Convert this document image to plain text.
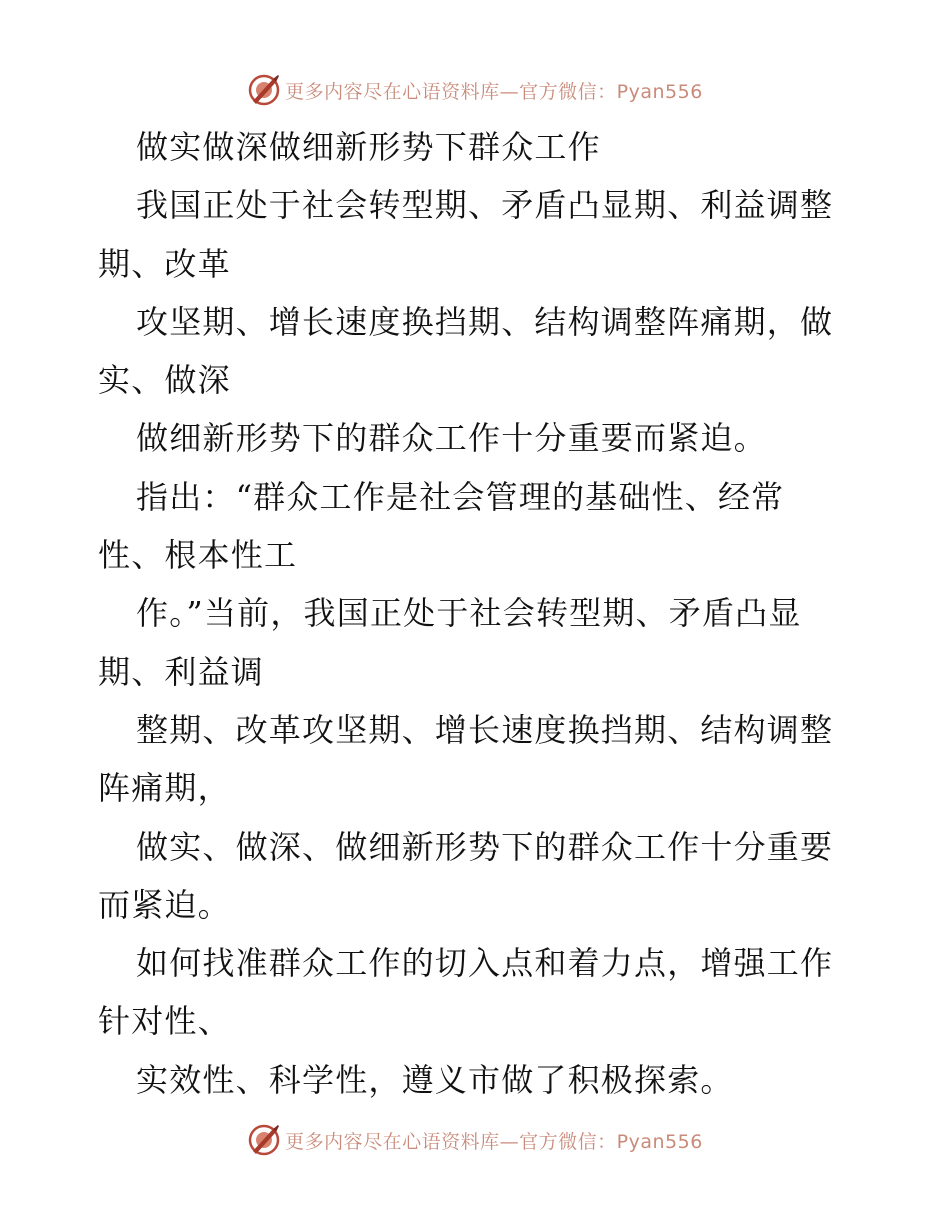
更多内容尽在心语资料库—官方微信：Pyan556
做实做深做细新形势下群众工作
我国正处于社会转型期、矛盾凸显期、利益调整
期、改革
攻坚期、增长速度换挡期、结构调整阵痛期，做
实、做深
做细新形势下的群众工作十分重要而紧迫。
指出：“群众工作是社会管理的基础性、经常
性、根本性工
作。”当前，我国正处于社会转型期、矛盾凸显
期、利益调
整期、改革攻坚期、增长速度换挡期、结构调整
阵痛期，
做实、做深、做细新形势下的群众工作十分重要
而紧迫。
如何找准群众工作的切入点和着力点，增强工作
针对性、
实效性、科学性，遵义市做了积极探索。
更多内容尽在心语资料库—官方微信：Pyan556
